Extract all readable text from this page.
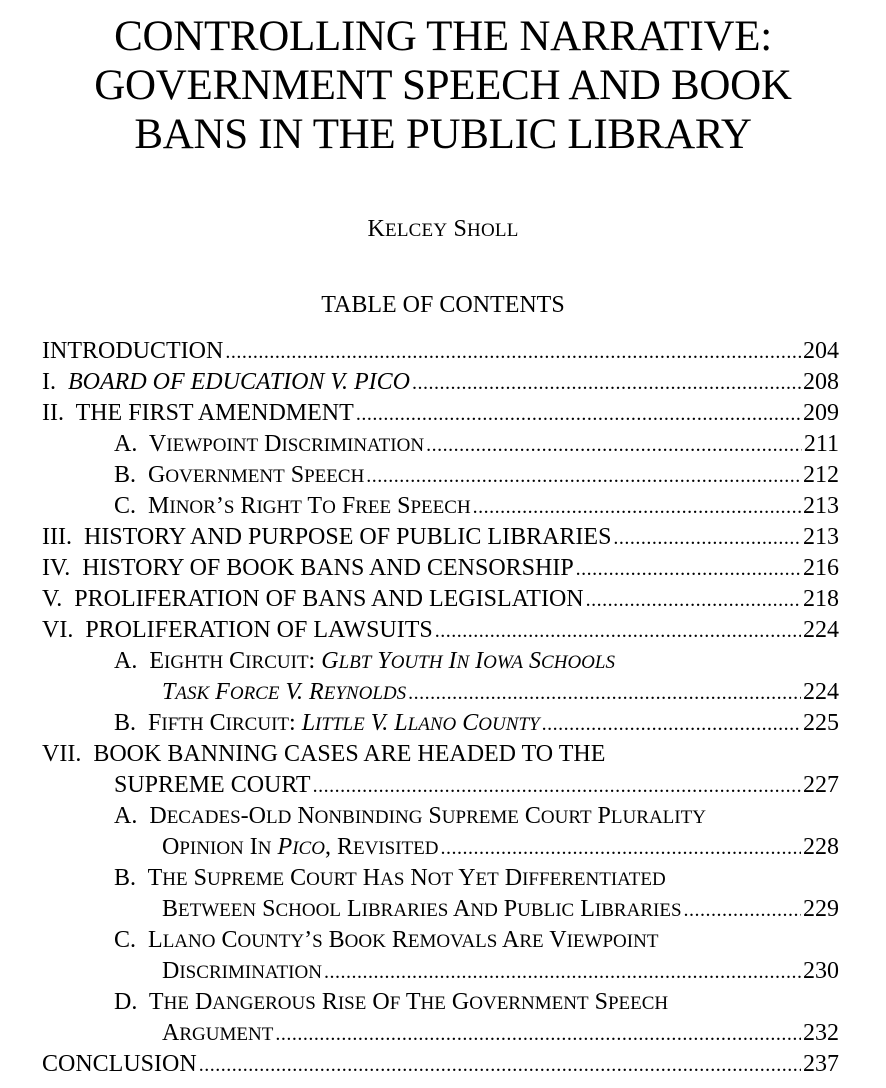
CONTROLLING THE NARRATIVE:
GOVERNMENT SPEECH AND BOOK
BANS IN THE PUBLIC LIBRARY
KELCEY SHOLL
TABLE OF CONTENTS
INTRODUCTION .....	204
I. BOARD OF EDUCATION V. PICO .....	208
II. THE FIRST AMENDMENT .....	209
A. VIEWPOINT DISCRIMINATION .....	211
B. GOVERNMENT SPEECH .....	212
C. MINOR’S RIGHT TO FREE SPEECH .....	213
III. HISTORY AND PURPOSE OF PUBLIC LIBRARIES .....	213
IV. HISTORY OF BOOK BANS AND CENSORSHIP .....	216
V. PROLIFERATION OF BANS AND LEGISLATION .....	218
VI. PROLIFERATION OF LAWSUITS .....	224
A. EIGHTH CIRCUIT: GLBT YOUTH IN IOWA SCHOOLS
TASK FORCE V. REYNOLDS .....	224
B. FIFTH CIRCUIT: LITTLE V. LLANO COUNTY .....	225
VII. BOOK BANNING CASES ARE HEADED TO THE
SUPREME COURT .....	227
A. DECADES-OLD NONBINDING SUPREME COURT PLURALITY
OPINION IN PICO, REVISITED .....	228
B. THE SUPREME COURT HAS NOT YET DIFFERENTIATED
BETWEEN SCHOOL LIBRARIES AND PUBLIC LIBRARIES .....	229
C. LLANO COUNTY’S BOOK REMOVALS ARE VIEWPOINT
DISCRIMINATION .....	230
D. THE DANGEROUS RISE OF THE GOVERNMENT SPEECH
ARGUMENT .....	232
CONCLUSION .....	237
